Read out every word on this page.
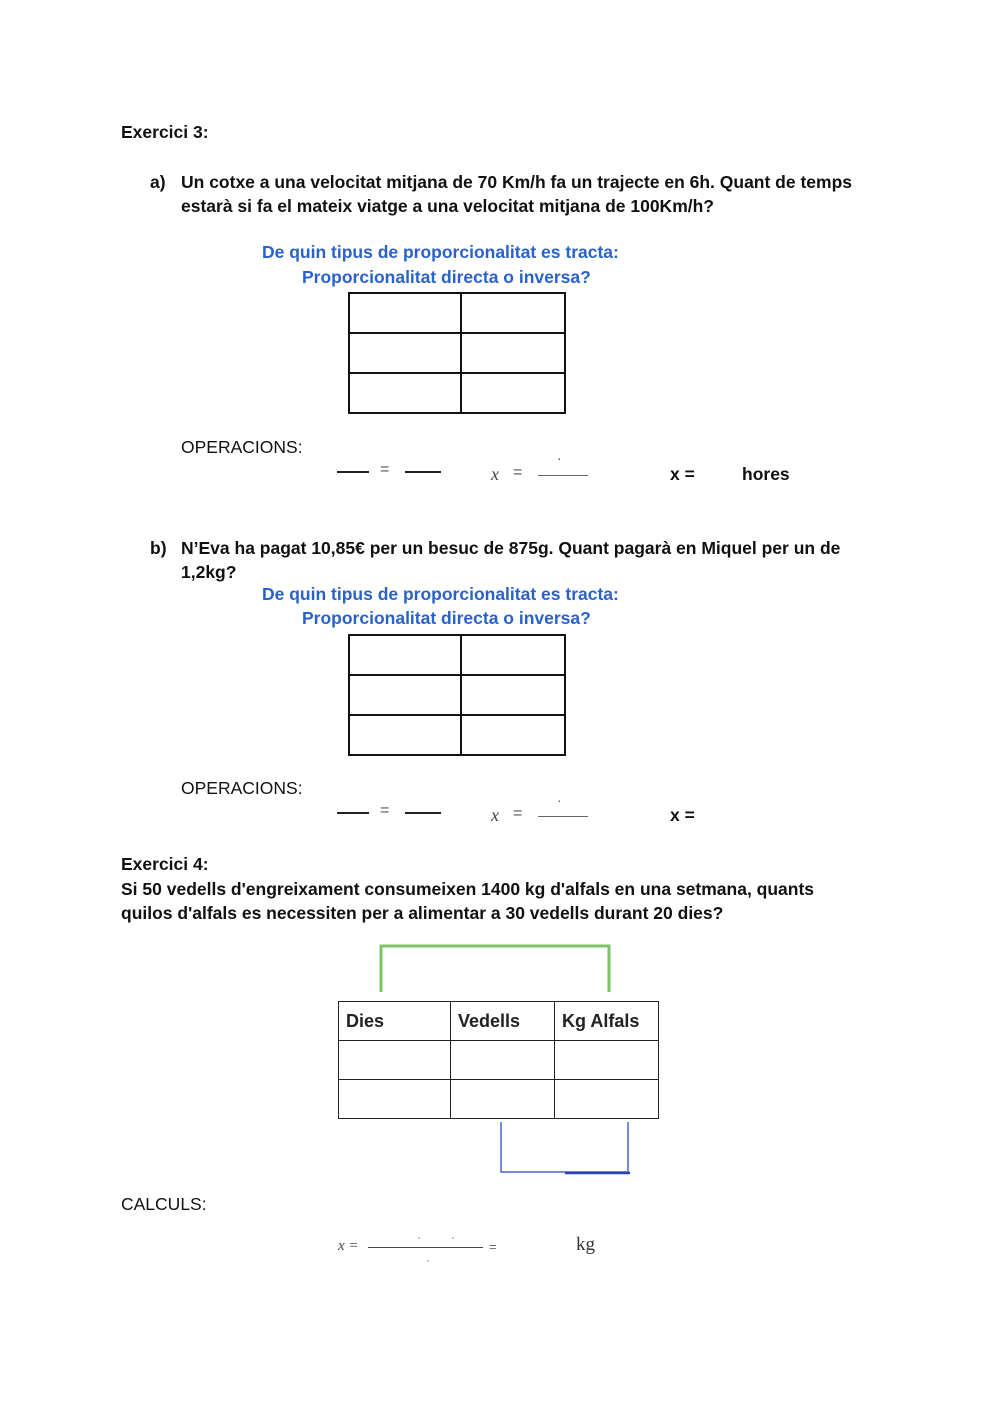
Exercici 3:
a) Un cotxe a una velocitat mitjana de 70 Km/h fa un trajecte en 6h. Quant de temps
estarà si fa el mateix viatge a una velocitat mitjana de 100Km/h?
De quin tipus de proporcionalitat es tracta:
Proporcionalitat directa o inversa?

OPERACIONS:
=	x =
·
x =	hores
b) N’Eva ha pagat 10,85€ per un besuc de 875g. Quant pagarà en Miquel per un de
1,2kg?
De quin tipus de proporcionalitat es tracta:
Proporcionalitat directa o inversa?

OPERACIONS:
=	x =
·
x =
Exercici 4:
Si 50 vedells d'engreixament consumeixen 1400 kg d'alfals en una setmana, quants
quilos d'alfals es necessiten per a alimentar a 30 vedells durant 20 dies?
Dies	Vedells	Kg Alfals

CALCULS:
x =
·	·
·
=	kg
